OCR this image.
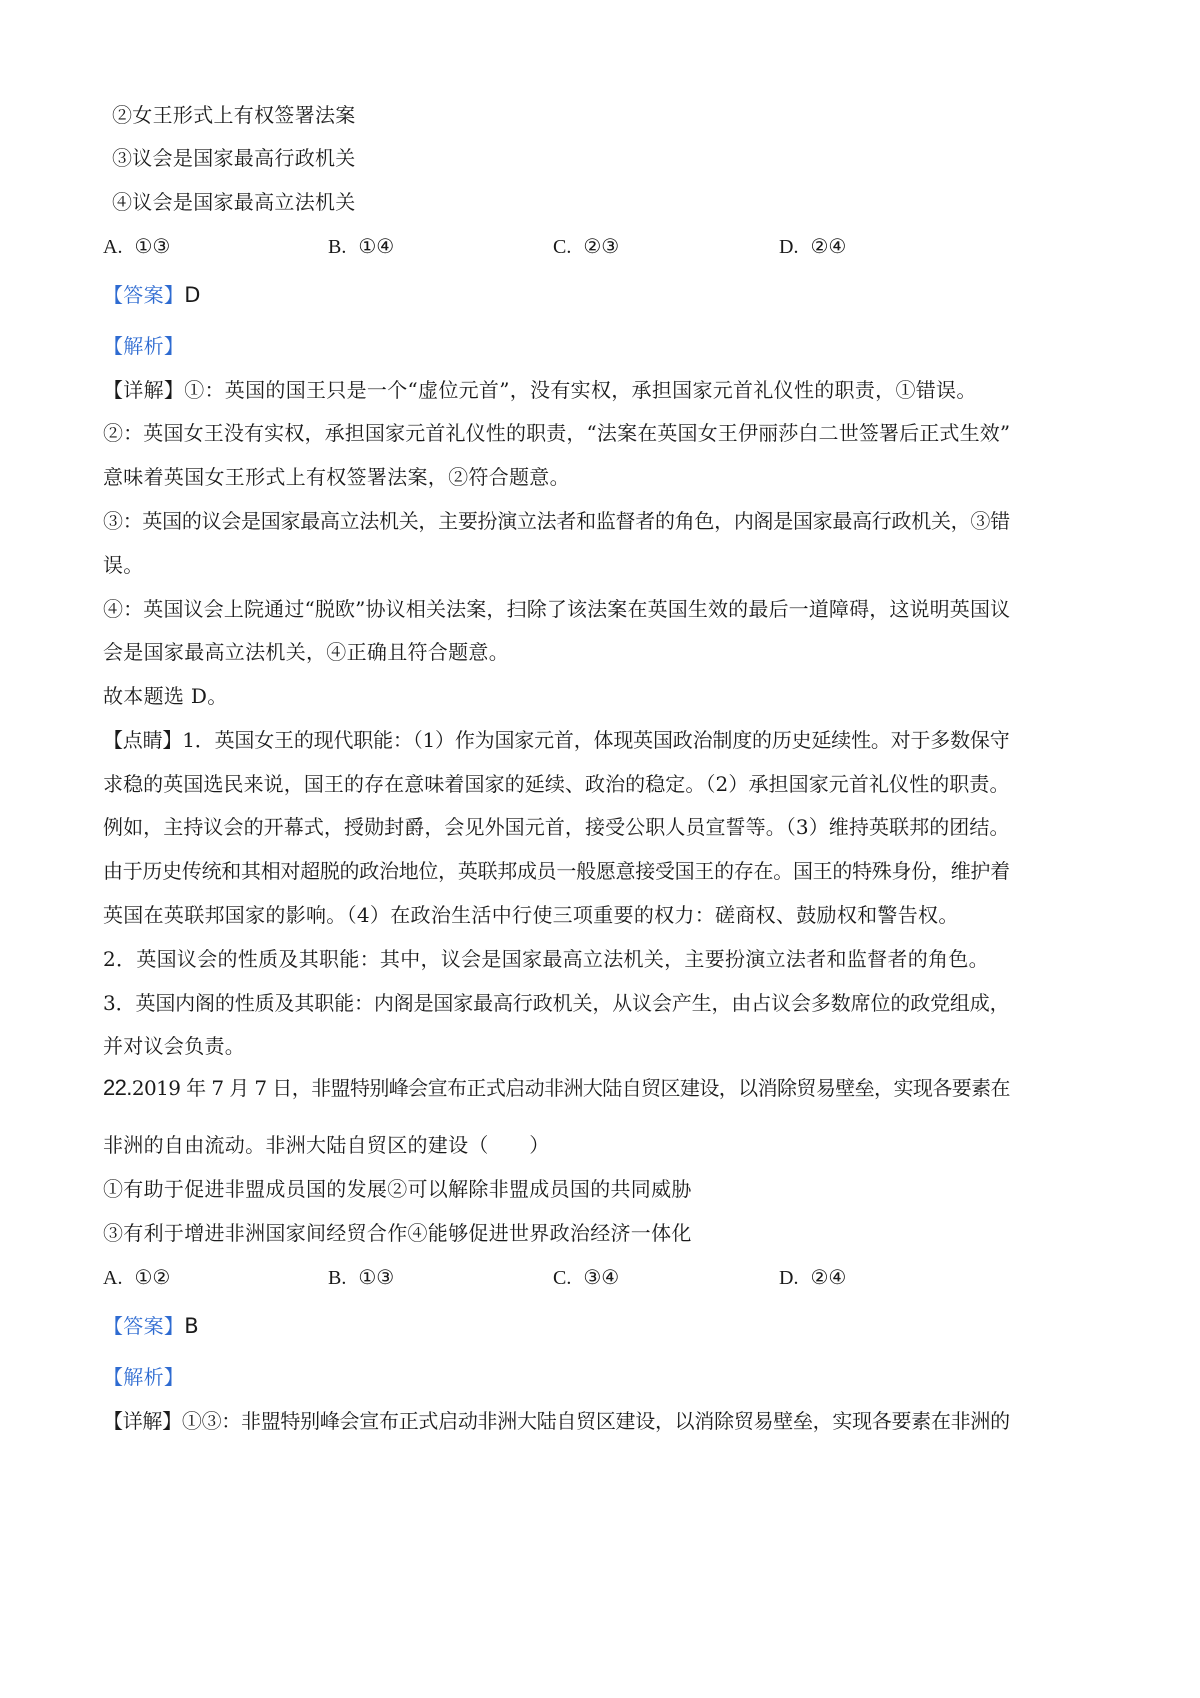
②女王形式上有权签署法案
③议会是国家最高行政机关
④议会是国家最高立法机关
A. ①③	B. ①④	C. ②③	D. ②④
【答案】D
【解析】
【详解】①：英国的国王只是一个“虚位元首”，没有实权，承担国家元首礼仪性的职责，①错误。
②：英国女王没有实权，承担国家元首礼仪性的职责，“法案在英国女王伊丽莎白二世签署后正式生效”
意味着英国女王形式上有权签署法案，②符合题意。
③：英国的议会是国家最高立法机关，主要扮演立法者和监督者的角色，内阁是国家最高行政机关，③错
误。
④：英国议会上院通过“脱欧”协议相关法案，扫除了该法案在英国生效的最后一道障碍，这说明英国议
会是国家最高立法机关，④正确且符合题意。
故本题选 D。
【点睛】1．英国女王的现代职能：（1）作为国家元首，体现英国政治制度的历史延续性。对于多数保守
求稳的英国选民来说，国王的存在意味着国家的延续、政治的稳定。（2）承担国家元首礼仪性的职责。
例如，主持议会的开幕式，授勋封爵，会见外国元首，接受公职人员宣誓等。（3）维持英联邦的团结。
由于历史传统和其相对超脱的政治地位，英联邦成员一般愿意接受国王的存在。国王的特殊身份，维护着
英国在英联邦国家的影响。（4）在政治生活中行使三项重要的权力：磋商权、鼓励权和警告权。
2．英国议会的性质及其职能：其中，议会是国家最高立法机关，主要扮演立法者和监督者的角色。
3．英国内阁的性质及其职能：内阁是国家最高行政机关，从议会产生，由占议会多数席位的政党组成，
并对议会负责。
22.2019 年 7 月 7 日，非盟特别峰会宣布正式启动非洲大陆自贸区建设，以消除贸易壁垒，实现各要素在
非洲的自由流动。非洲大陆自贸区的建设（　　）
①有助于促进非盟成员国的发展②可以解除非盟成员国的共同威胁
③有利于增进非洲国家间经贸合作④能够促进世界政治经济一体化
A. ①②	B. ①③	C. ③④	D. ②④
【答案】B
【解析】
【详解】①③：非盟特别峰会宣布正式启动非洲大陆自贸区建设，以消除贸易壁垒，实现各要素在非洲的
